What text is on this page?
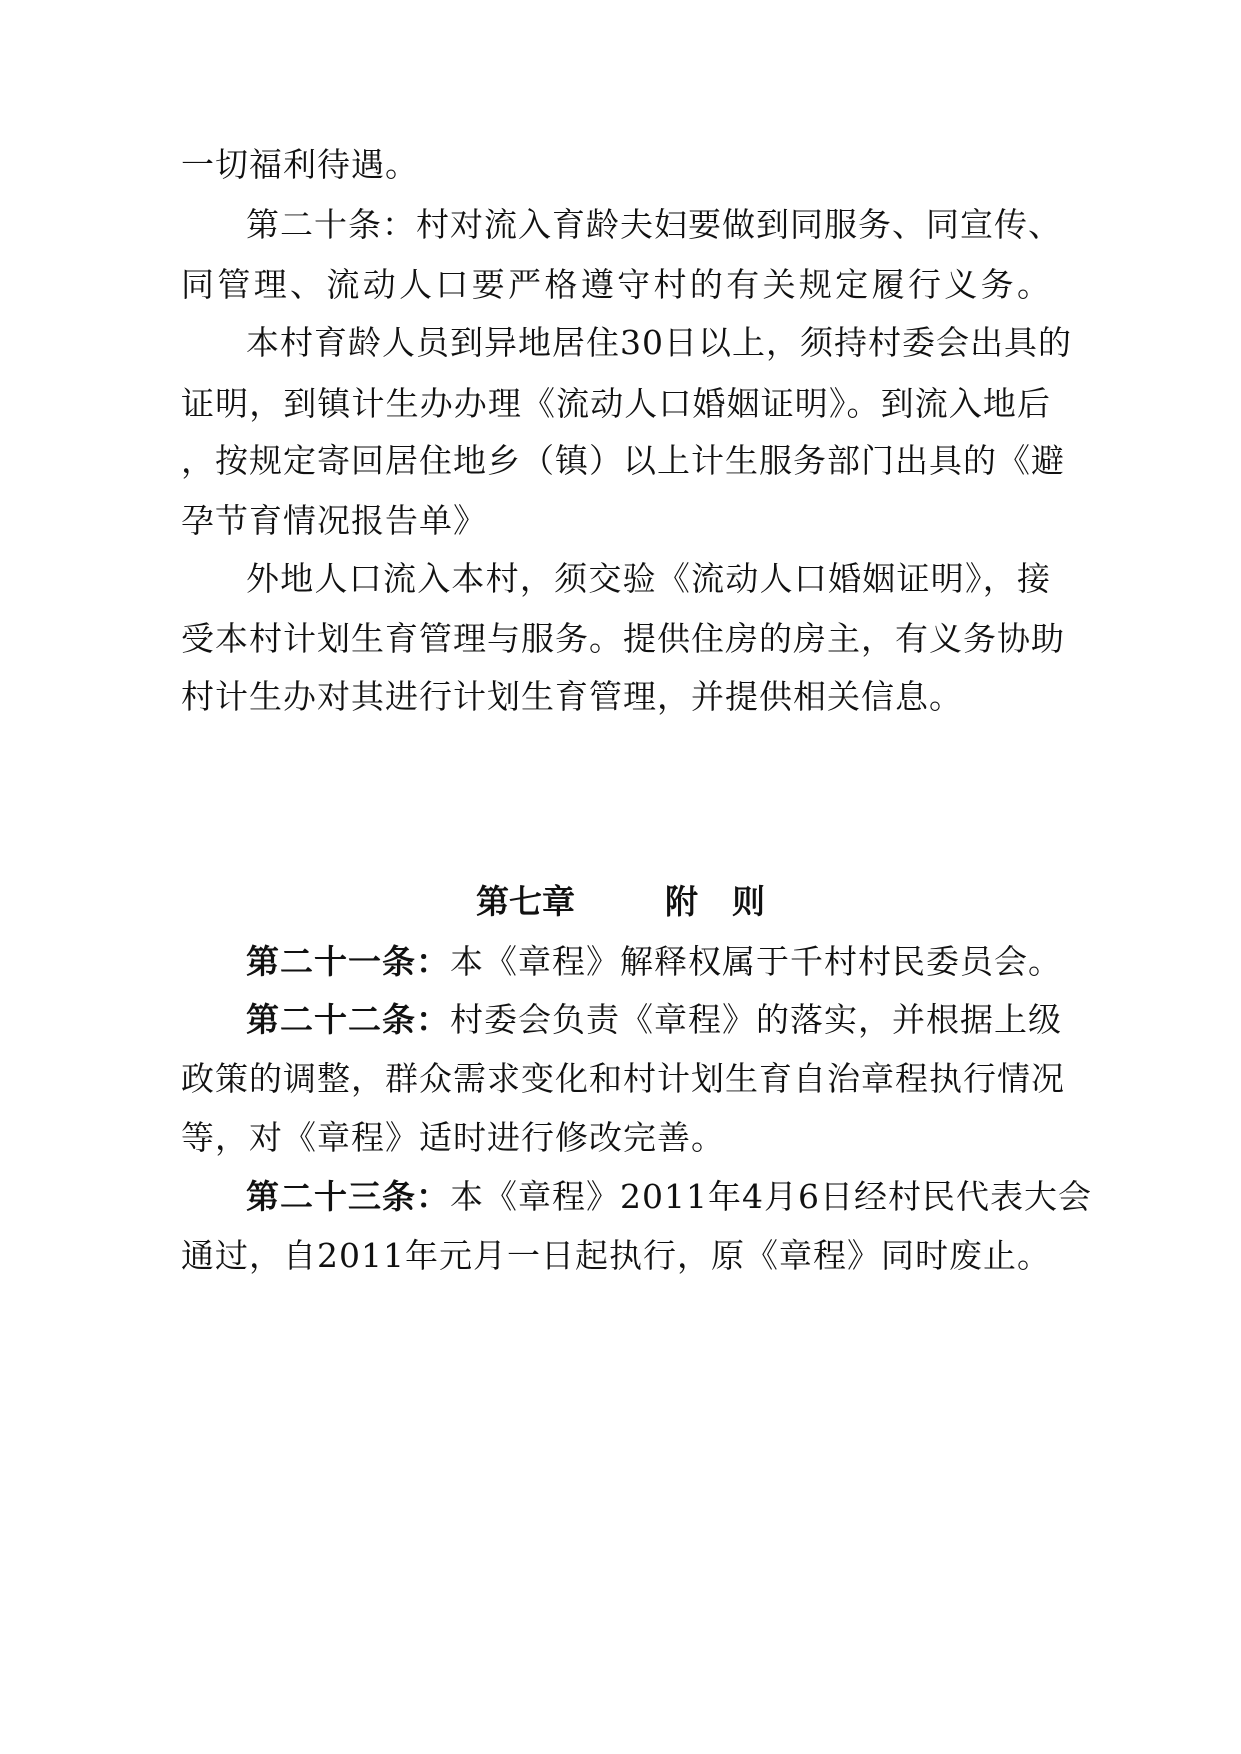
一切福利待遇。
第二十条：村对流入育龄夫妇要做到同服务、同宣传、
同管理、流动人口要严格遵守村的有关规定履行义务。
本村育龄人员到异地居住30日以上，须持村委会出具的
证明，到镇计生办办理《流动人口婚姻证明》。到流入地后
，按规定寄回居住地乡（镇）以上计生服务部门出具的《避
孕节育情况报告单》
外地人口流入本村，须交验《流动人口婚姻证明》，接
受本村计划生育管理与服务。提供住房的房主，有义务协助
村计生办对其进行计划生育管理，并提供相关信息。
第七章	附 则
第二十一条：本《章程》解释权属于千村村民委员会。
第二十二条：村委会负责《章程》的落实，并根据上级
政策的调整，群众需求变化和村计划生育自治章程执行情况
等，对《章程》适时进行修改完善。
第二十三条：本《章程》2011年4月6日经村民代表大会
通过，自2011年元月一日起执行，原《章程》同时废止。
